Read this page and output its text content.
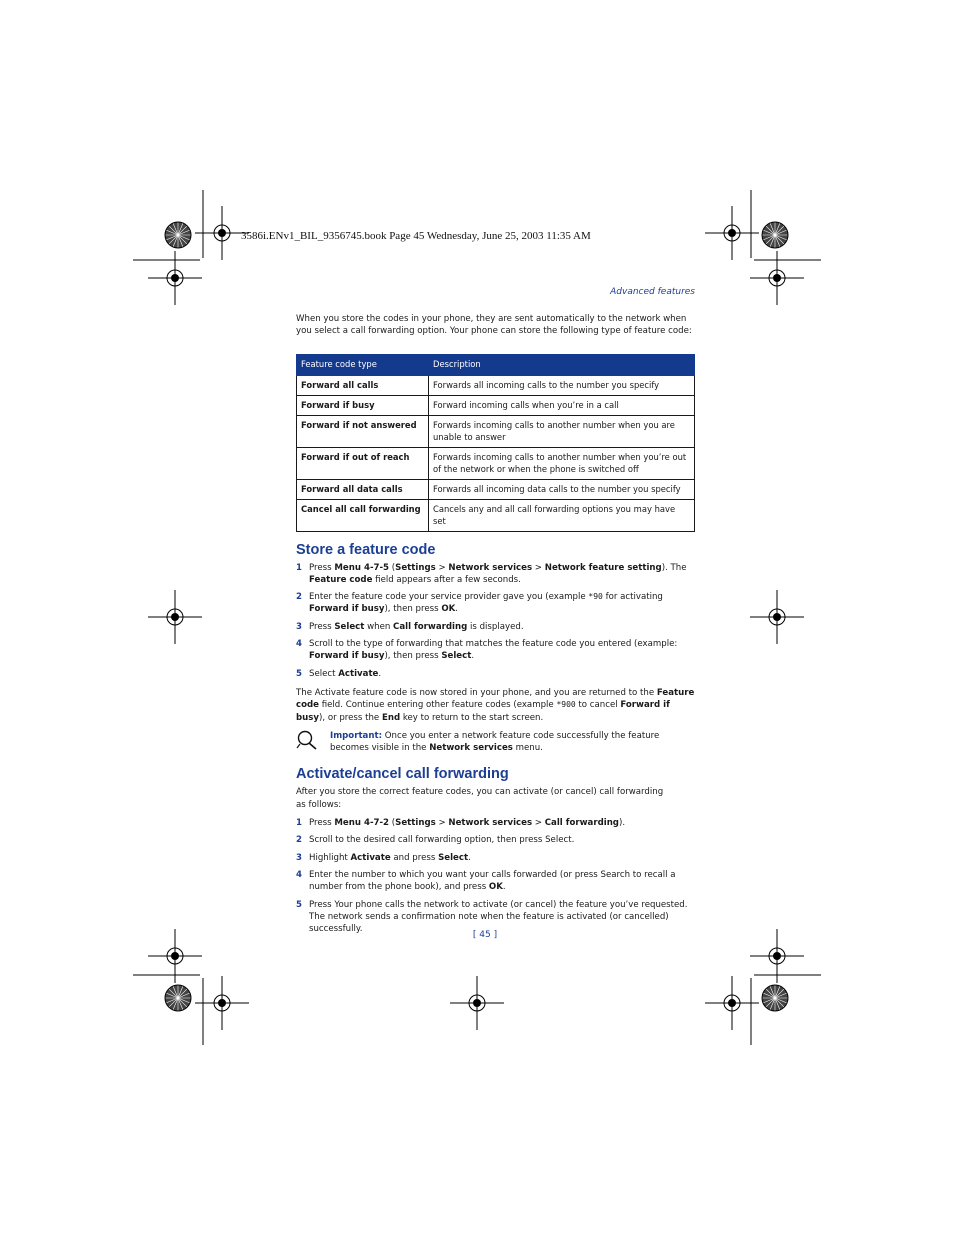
3586i.ENv1_BIL_9356745.book Page 45 Wednesday, June 25, 2003 11:35 AM
Advanced features

When you store the codes in your phone, they are sent automatically to the network when you select a call forwarding option. Your phone can store the following type of feature code:

Feature code type	Description
Forward all calls	Forwards all incoming calls to the number you specify
Forward if busy	Forward incoming calls when you’re in a call
Forward if not answered	Forwards incoming calls to another number when you are unable to answer
Forward if out of reach	Forwards incoming calls to another number when you’re out of the network or when the phone is switched off
Forward all data calls	Forwards all incoming data calls to the number you specify
Cancel all call forwarding	Cancels any and all call forwarding options you may have set
Store a feature code
1 Press Menu 4-7-5 (Settings > Network services > Network feature setting). The Feature code field appears after a few seconds.
2 Enter the feature code your service provider gave you (example *90 for activating Forward if busy), then press OK.
3 Press Select when Call forwarding is displayed.
4 Scroll to the type of forwarding that matches the feature code you entered (example: Forward if busy), then press Select.
5 Select Activate.

The Activate feature code is now stored in your phone, and you are returned to the Feature code field. Continue entering other feature codes (example *900 to cancel Forward if busy), or press the End key to return to the start screen.

Important: Once you enter a network feature code successfully the feature becomes visible in the Network services menu.
Activate/cancel call forwarding

After you store the correct feature codes, you can activate (or cancel) call forwarding as follows:

1 Press Menu 4-7-2 (Settings > Network services > Call forwarding).
2 Scroll to the desired call forwarding option, then press Select.
3 Highlight Activate and press Select.
4 Enter the number to which you want your calls forwarded (or press Search to recall a number from the phone book), and press OK.
5 Press Your phone calls the network to activate (or cancel) the feature you’ve requested. The network sends a confirmation note when the feature is activated (or cancelled) successfully.
[ 45 ]
